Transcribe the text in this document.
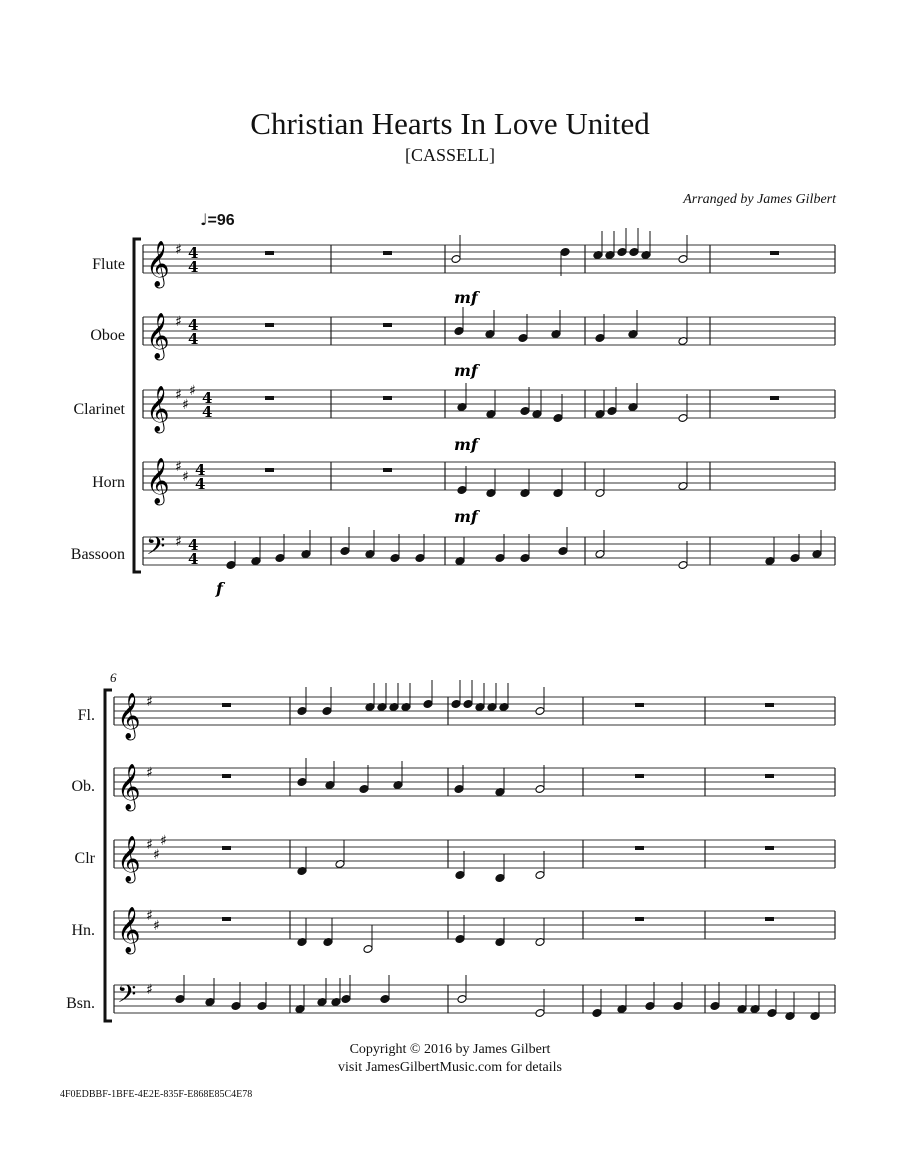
Christian Hearts In Love United
[CASSELL]
Arranged by James Gilbert
♩=96
Flute
Oboe
Clarinet
Horn
Bassoon
6
Fl.
Ob.
Clr
Hn.
Bsn.
𝄞 ♯ 4
4
𝄞 ♯ 4
4
𝄞 ♯
♯
♯ 4
4
𝄞 ♯
♯ 4
4
𝄢 ♯ 4
4
𝄞 ♯
𝄞 ♯
𝄞 ♯
♯
♯
𝄞 ♯
♯
𝄢 ♯
mf
mf
mf
mf
f
Copyright © 2016 by James Gilbert
visit JamesGilbertMusic.com for details
4F0EDBBF-1BFE-4E2E-835F-E868E85C4E78
